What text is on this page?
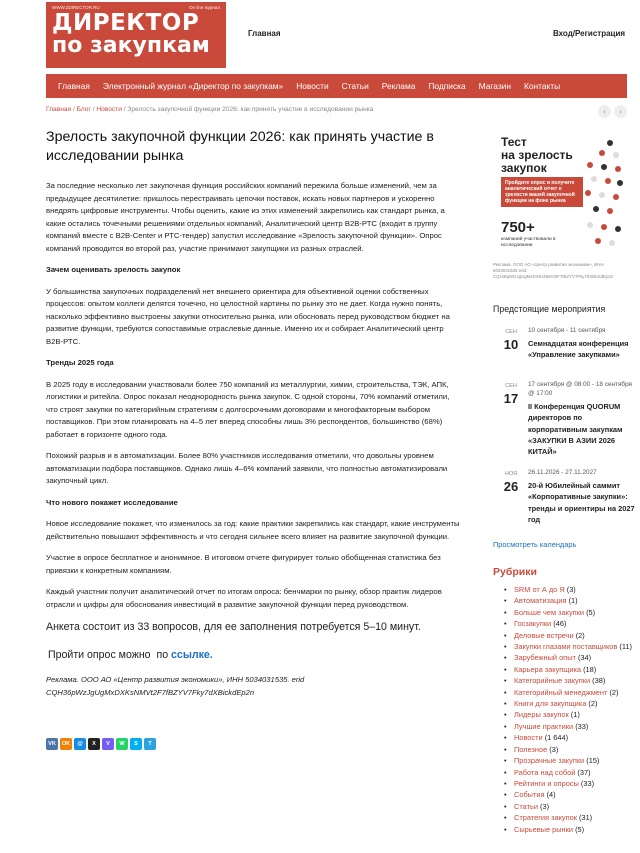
WWW.ZDIRECTOR.RU	On line журнал
ДИРЕКТОР
по закупкам	Главная	Вход/Регистрация
Главная	Электронный журнал «Директор по закупкам»	Новости	Статьи	Реклама	Подписка	Магазин	Контакты
Главная / Блог / Новости / Зрелость закупочной функции 2026: как принять участие в исследовании рынка	‹	›
Зрелость закупочной функции 2026: как принять участие в исследовании рынка

За последние несколько лет закупочная функция российских компаний пережила больше изменений, чем за предыдущее десятилетие: пришлось перестраивать цепочки поставок, искать новых партнеров и ускоренно внедрять цифровые инструменты. Чтобы оценить, какие из этих изменений закрепились как стандарт рынка, а какие остались точечными решениями отдельных компаний, Аналитический центр B2B-РТС (входит в группу компаний вместе с B2B-Center и РТС-тендер) запустил исследование «Зрелость закупочной функции». Опрос компаний проводится во второй раз, участие принимают закупщики из разных отраслей.

Зачем оценивать зрелость закупок

У большинства закупочных подразделений нет внешнего ориентира для объективной оценки собственных процессов: опытом коллеги делятся точечно, но целостной картины по рынку это не дает. Когда нужно понять, насколько эффективно выстроены закупки относительно рынка, или обосновать перед руководством бюджет на развитие функции, требуются сопоставимые отраслевые данные. Именно их и собирает Аналитический центр B2B-РТС.

Тренды 2025 года

В 2025 году в исследовании участвовали более 750 компаний из металлургии, химии, строительства, ТЭК, АПК, логистики и ритейла. Опрос показал неоднородность рынка закупок. С одной стороны, 70% компаний отметили, что строят закупки по категорийным стратегиям с долгосрочными договорами и многофакторным выбором поставщиков. При этом планировать на 4–5 лет вперед способны лишь 3% респондентов, большинство (68%) работает в горизонте одного года.

Похожий разрыв и в автоматизации. Более 80% участников исследования отметили, что довольны уровнем автоматизации подбора поставщиков. Однако лишь 4–6% компаний заявили, что полностью автоматизировали закупочный цикл.

Что нового покажет исследование

Новое исследование покажет, что изменилось за год: какие практики закрепились как стандарт, какие инструменты действительно повышают эффективность и что сегодня сильнее всего влияет на развитие закупочной функции.

Участие в опросе бесплатное и анонимное. В итоговом отчете фигурирует только обобщенная статистика без привязки к конкретным компаниям.

Каждый участник получит аналитический отчет по итогам опроса: бенчмарки по рынку, обзор практик лидеров отрасли и цифры для обоснования инвестиций в развитие закупочной функции перед руководством.

Анкета состоит из 33 вопросов, для ее заполнения потребуется 5–10 минут.
Пройти опрос можно  по ссылке.
Реклама. ООО АО «Центр развития экономики», ИНН 5034031535. erid CQH36pWzJgUgMxDXKsNMVt2F7fBZYV7Fky7dXBickdEp2n
VK	OK	@	X	V	W	S	T
Тест
на зрелость
закупок
Пройдите опрос и получите аналитический отчет о зрелости вашей закупочной функции на фоне рынка
750+
компаний участвовали в исследовании
Реклама. ООО АО «Центр развития экономики», ИНН 5034031535 erid: CQH36pWzJgUgMxDXKsNMVt2F7fBZYV7Fky7dXBickdEp2n
Предстоящие мероприятия
СЕН
10
10 сентября - 11 сентября
Семнадцатая конференция «Управление закупками»
СЕН
17
17 сентября @ 08:00 - 18 сентября @ 17:00
II Конференция QUORUM директоров по корпоративным закупкам «ЗАКУПКИ В АЗИИ 2026 КИТАЙ»
НОЯ
26
26.11.2026 - 27.11.2027
20-й Юбилейный саммит «Корпоративные закупки»: тренды и ориентиры на 2027 год
Просмотреть календарь
Рубрики
• SRM от А до Я (3)
• Автоматизация (1)
• Больше чем закупки (5)
• Госзакупки (46)
• Деловые встречи (2)
• Закупки глазами поставщиков (11)
• Зарубежный опыт (34)
• Карьера закупщика (18)
• Категорийные закупки (38)
• Категорийный менеджмент (2)
• Книги для закупщика (2)
• Лидеры закупок (1)
• Лучшие практики (33)
• Новости (1 644)
• Полезное (3)
• Прозрачные закупки (15)
• Работа над собой (37)
• Рейтинги и опросы (33)
• События (4)
• Статьи (3)
• Стратегия закупок (31)
• Сырьевые рынки (5)
